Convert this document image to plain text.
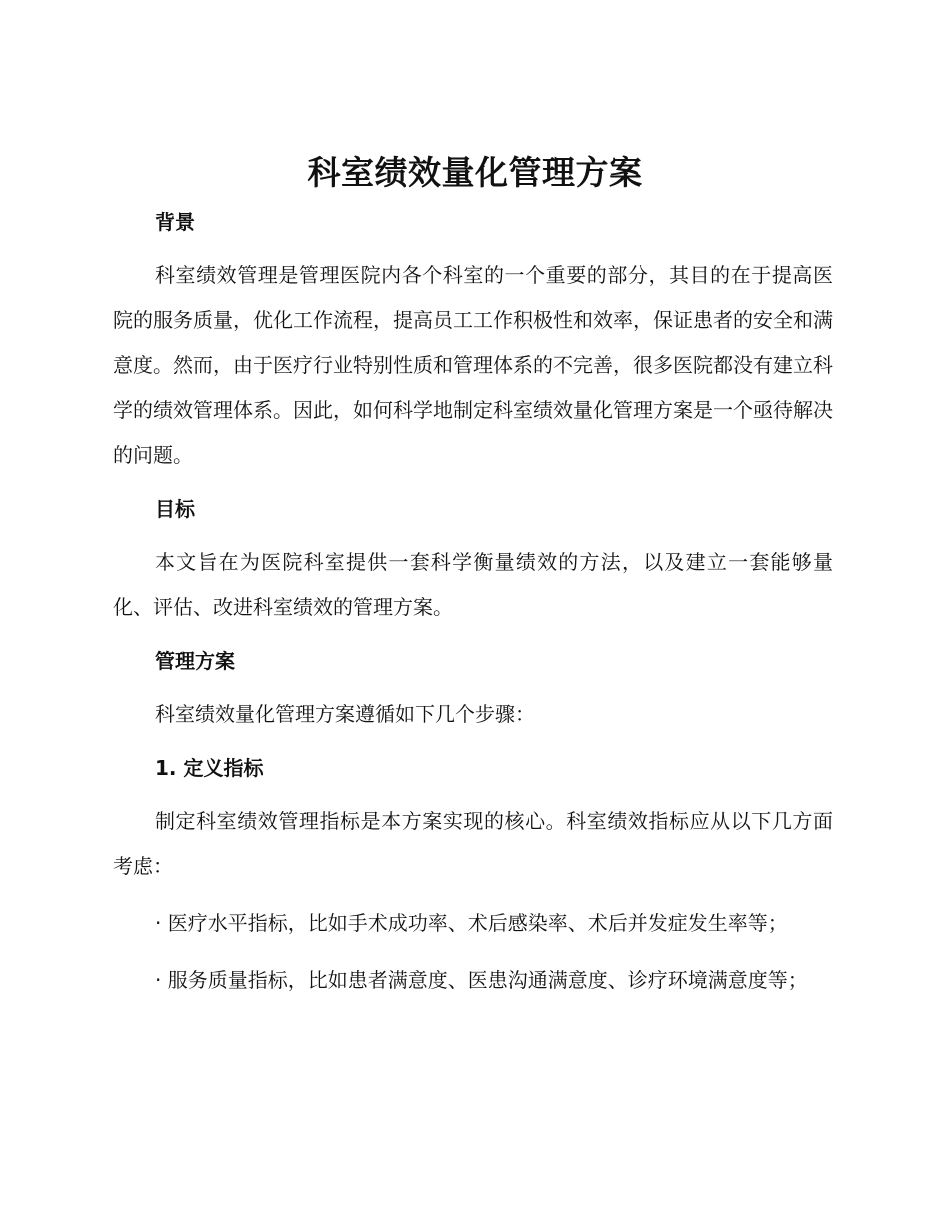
科室绩效量化管理方案

背景

科室绩效管理是管理医院内各个科室的一个重要的部分，其目的在于提高医院的服务质量，优化工作流程，提高员工工作积极性和效率，保证患者的安全和满意度。然而，由于医疗行业特别性质和管理体系的不完善，很多医院都没有建立科学的绩效管理体系。因此，如何科学地制定科室绩效量化管理方案是一个亟待解决的问题。

目标

本文旨在为医院科室提供一套科学衡量绩效的方法，以及建立一套能够量化、评估、改进科室绩效的管理方案。

管理方案

科室绩效量化管理方案遵循如下几个步骤：

1. 定义指标

制定科室绩效管理指标是本方案实现的核心。科室绩效指标应从以下几方面考虑：

· 医疗水平指标，比如手术成功率、术后感染率、术后并发症发生率等；

· 服务质量指标，比如患者满意度、医患沟通满意度、诊疗环境满意度等；
